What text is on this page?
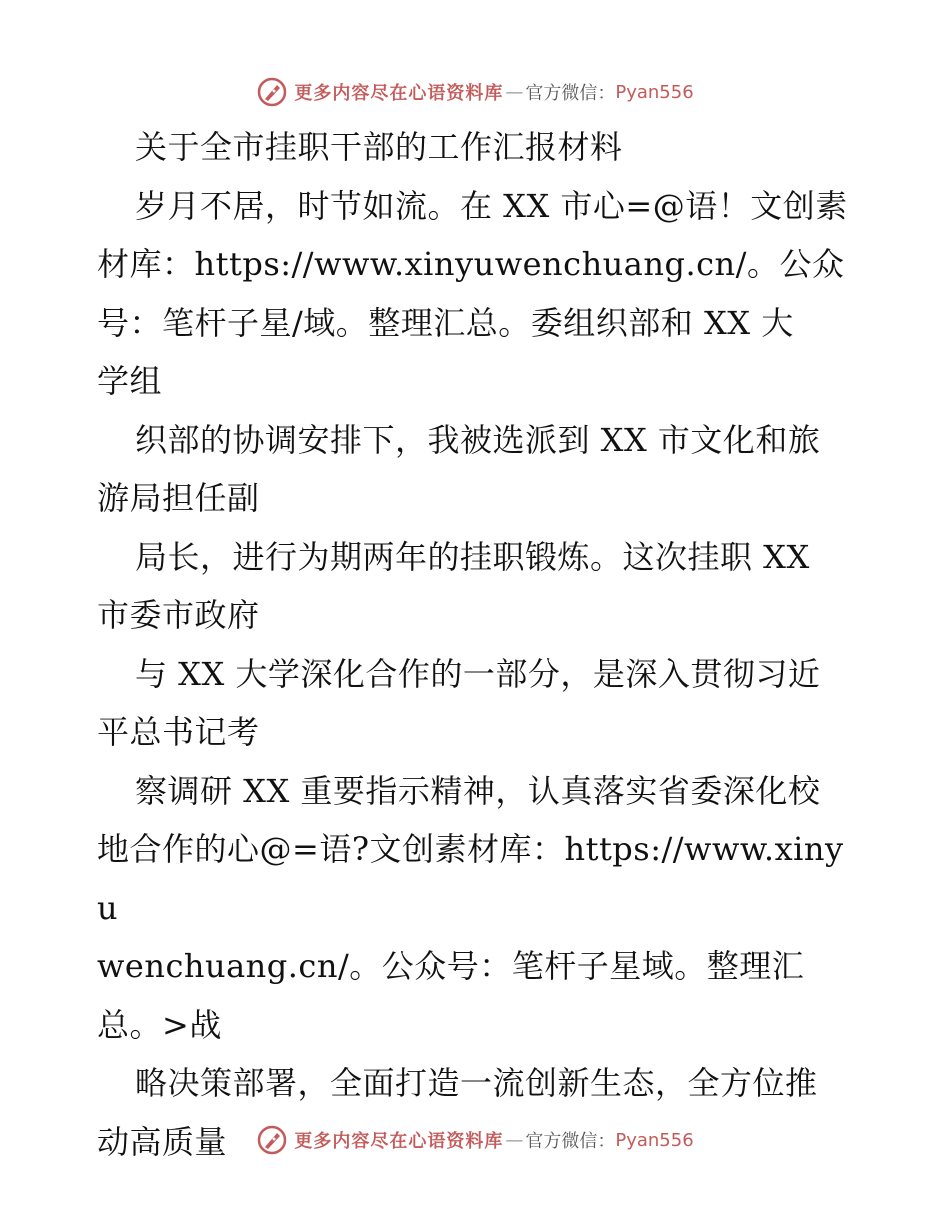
更多内容尽在心语资料库 — 官方微信： Pyan556

关于全市挂职干部的工作汇报材料

岁月不居，时节如流。在 XX 市心=@语！文创素

材库：https://www.xinyuwenchuang.cn/。公众

号：笔杆子星/域。整理汇总。委组织部和 XX 大

学组

织部的协调安排下，我被选派到 XX 市文化和旅

游局担任副

局长，进行为期两年的挂职锻炼。这次挂职 XX

市委市政府

与 XX 大学深化合作的一部分，是深入贯彻习近

平总书记考

察调研 XX 重要指示精神，认真落实省委深化校

地合作的心@=语?文创素材库：https://www.xinyu

wenchuang.cn/。公众号：笔杆子星域。整理汇

总。>战

略决策部署，全面打造一流创新生态，全方位推

动高质量	更多内容尽在心语资料库 — 官方微信： Pyan556
